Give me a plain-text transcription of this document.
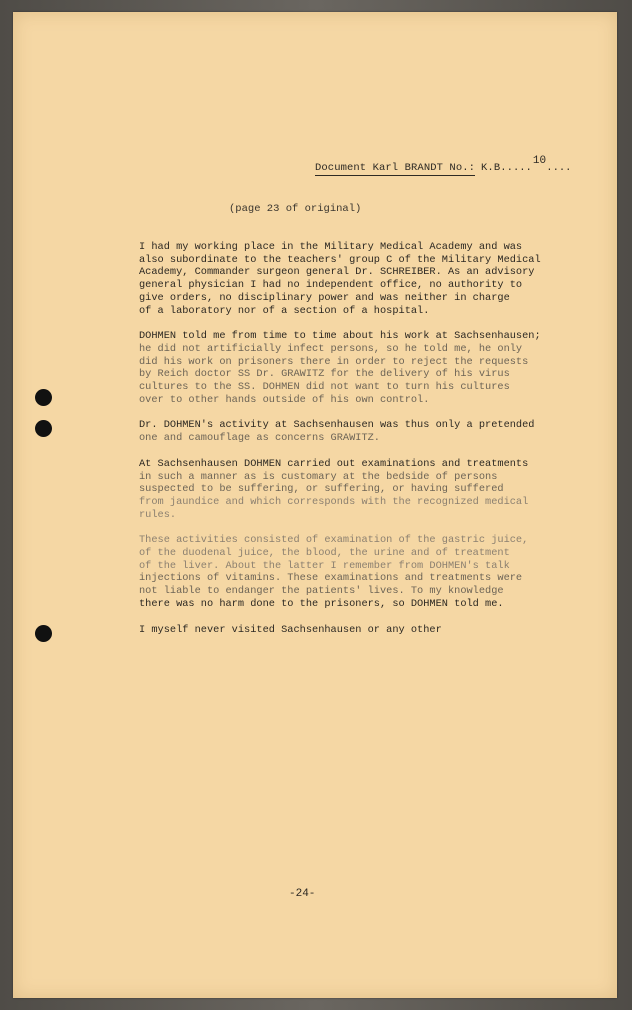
Document Karl BRANDT No.: K.B.....10....
(page 23 of original)

I had my working place in the Military Medical Academy and was
also subordinate to the teachers' group C of the Military Medical
Academy, Commander surgeon general Dr. SCHREIBER. As an advisory
general physician I had no independent office, no authority to
give orders, no disciplinary power and was neither in charge
of a laboratory nor of a section of a hospital.

DOHMEN told me from time to time about his work at Sachsenhausen;
he did not artificially infect persons, so he told me, he only
did his work on prisoners there in order to reject the requests
by Reich doctor SS Dr. GRAWITZ for the delivery of his virus
cultures to the SS. DOHMEN did not want to turn his cultures
over to other hands outside of his own control.

Dr. DOHMEN's activity at Sachsenhausen was thus only a pretended
one and camouflage as concerns GRAWITZ.

At Sachsenhausen DOHMEN carried out examinations and treatments
in such a manner as is customary at the bedside of persons
suspected to be suffering, or suffering, or having suffered
from jaundice and which corresponds with the recognized medical
rules.

These activities consisted of examination of the gastric juice,
of the duodenal juice, the blood, the urine and of treatment
of the liver. About the latter I remember from DOHMEN's talk
injections of vitamins. These examinations and treatments were
not liable to endanger the patients' lives. To my knowledge
there was no harm done to the prisoners, so DOHMEN told me.

I myself never visited Sachsenhausen or any other

-24-
